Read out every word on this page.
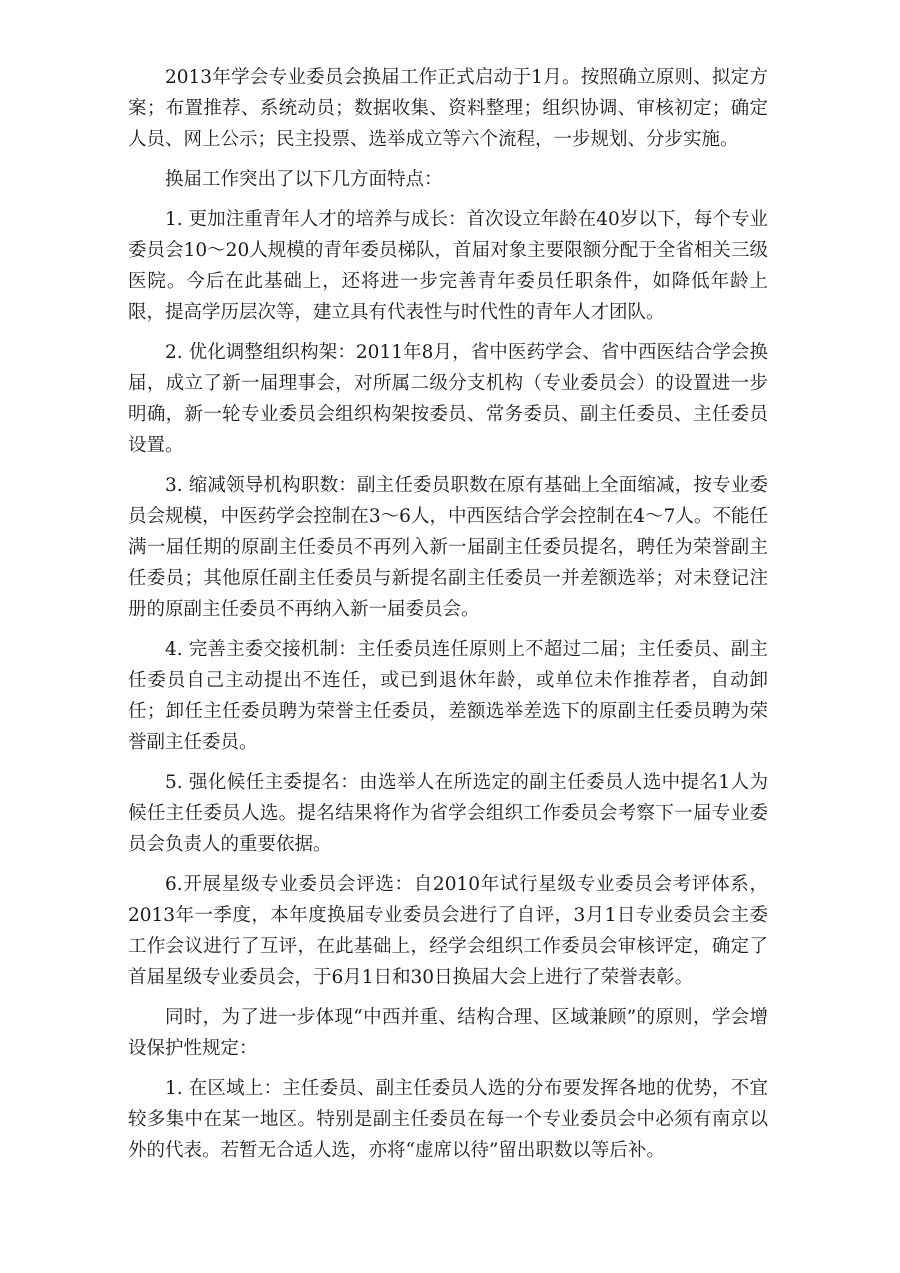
2013年学会专业委员会换届工作正式启动于1月。按照确立原则、拟定方案；布置推荐、系统动员；数据收集、资料整理；组织协调、审核初定；确定人员、网上公示；民主投票、选举成立等六个流程，一步规划、分步实施。

换届工作突出了以下几方面特点：

1. 更加注重青年人才的培养与成长：首次设立年龄在40岁以下，每个专业委员会10～20人规模的青年委员梯队，首届对象主要限额分配于全省相关三级医院。今后在此基础上，还将进一步完善青年委员任职条件，如降低年龄上限，提高学历层次等，建立具有代表性与时代性的青年人才团队。

2. 优化调整组织构架：2011年8月，省中医药学会、省中西医结合学会换届，成立了新一届理事会，对所属二级分支机构（专业委员会）的设置进一步明确，新一轮专业委员会组织构架按委员、常务委员、副主任委员、主任委员设置。

3. 缩减领导机构职数：副主任委员职数在原有基础上全面缩减，按专业委员会规模，中医药学会控制在3～6人，中西医结合学会控制在4～7人。不能任满一届任期的原副主任委员不再列入新一届副主任委员提名，聘任为荣誉副主任委员；其他原任副主任委员与新提名副主任委员一并差额选举；对未登记注册的原副主任委员不再纳入新一届委员会。

4. 完善主委交接机制：主任委员连任原则上不超过二届；主任委员、副主任委员自己主动提出不连任，或已到退休年龄，或单位未作推荐者，自动卸任；卸任主任委员聘为荣誉主任委员，差额选举差选下的原副主任委员聘为荣誉副主任委员。

5. 强化候任主委提名：由选举人在所选定的副主任委员人选中提名1人为候任主任委员人选。提名结果将作为省学会组织工作委员会考察下一届专业委员会负责人的重要依据。

6.开展星级专业委员会评选：自2010年试行星级专业委员会考评体系，2013年一季度，本年度换届专业委员会进行了自评，3月1日专业委员会主委工作会议进行了互评，在此基础上，经学会组织工作委员会审核评定，确定了首届星级专业委员会，于6月1日和30日换届大会上进行了荣誉表彰。

同时，为了进一步体现“中西并重、结构合理、区域兼顾”的原则，学会增设保护性规定：

1. 在区域上：主任委员、副主任委员人选的分布要发挥各地的优势，不宜较多集中在某一地区。特别是副主任委员在每一个专业委员会中必须有南京以外的代表。若暂无合适人选，亦将“虚席以待”留出职数以等后补。
